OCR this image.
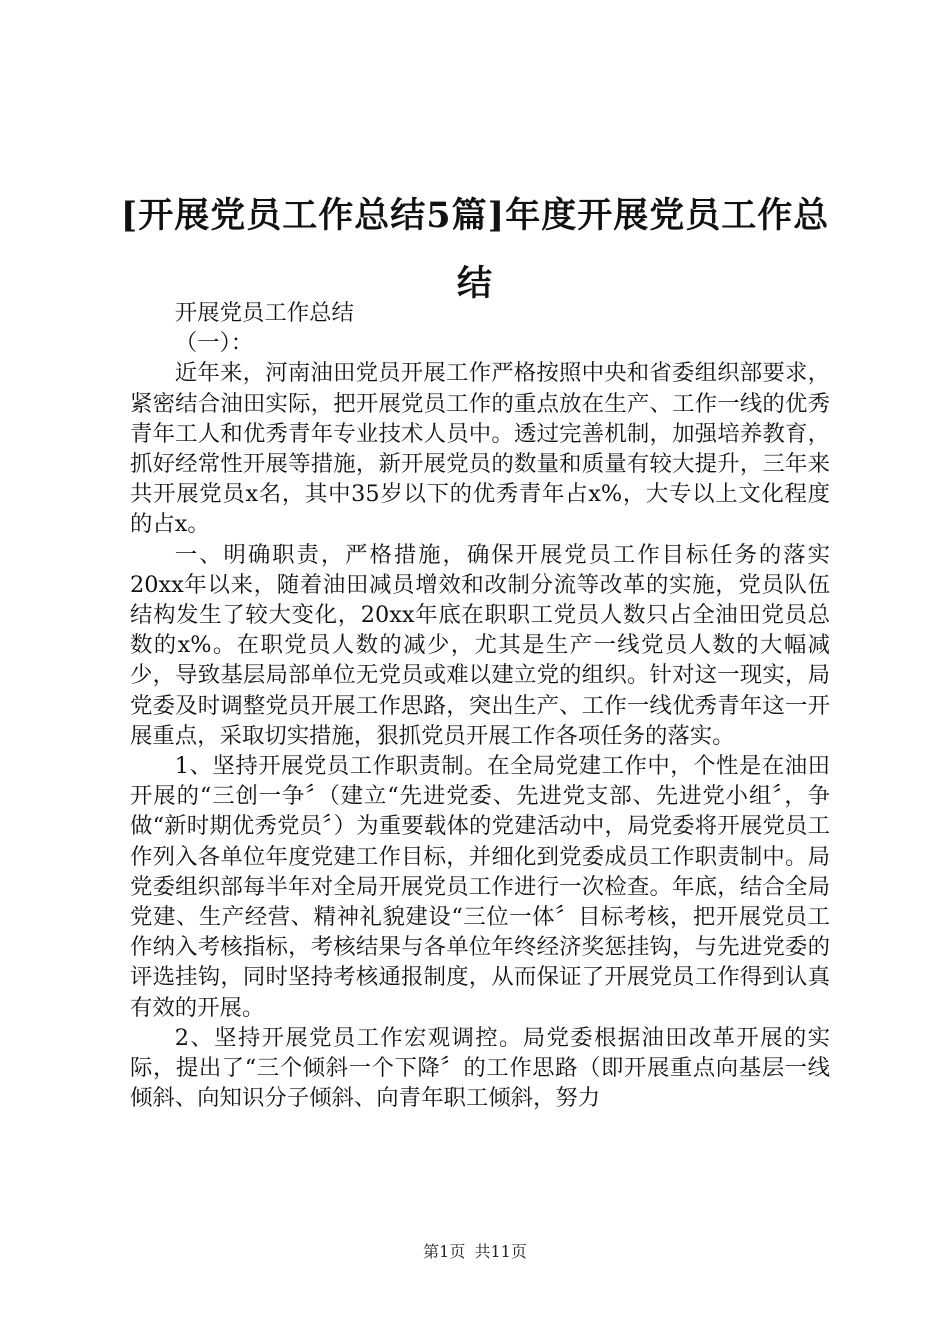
[开展党员工作总结5篇]年度开展党员工作总结

开展党员工作总结

（一）：

近年来，河南油田党员开展工作严格按照中央和省委组织部要求，紧密结合油田实际，把开展党员工作的重点放在生产、工作一线的优秀青年工人和优秀青年专业技术人员中。透过完善机制，加强培养教育，抓好经常性开展等措施，新开展党员的数量和质量有较大提升，三年来共开展党员x名，其中35岁以下的优秀青年占x%，大专以上文化程度的占x。

一、明确职责，严格措施，确保开展党员工作目标任务的落实20xx年以来，随着油田减员增效和改制分流等改革的实施，党员队伍结构发生了较大变化，20xx年底在职职工党员人数只占全油田党员总数的x%。在职党员人数的减少，尤其是生产一线党员人数的大幅减少，导致基层局部单位无党员或难以建立党的组织。针对这一现实，局党委及时调整党员开展工作思路，突出生产、工作一线优秀青年这一开展重点，采取切实措施，狠抓党员开展工作各项任务的落实。

1、坚持开展党员工作职责制。在全局党建工作中，个性是在油田开展的“三创一争〞（建立“先进党委、先进党支部、先进党小组〞，争做“新时期优秀党员〞）为重要载体的党建活动中，局党委将开展党员工作列入各单位年度党建工作目标，并细化到党委成员工作职责制中。局党委组织部每半年对全局开展党员工作进行一次检查。年底，结合全局党建、生产经营、精神礼貌建设“三位一体〞目标考核，把开展党员工作纳入考核指标，考核结果与各单位年终经济奖惩挂钩，与先进党委的评选挂钩，同时坚持考核通报制度，从而保证了开展党员工作得到认真有效的开展。

2、坚持开展党员工作宏观调控。局党委根据油田改革开展的实际，提出了“三个倾斜一个下降〞的工作思路（即开展重点向基层一线倾斜、向知识分子倾斜、向青年职工倾斜，努力

第1页 共11页
